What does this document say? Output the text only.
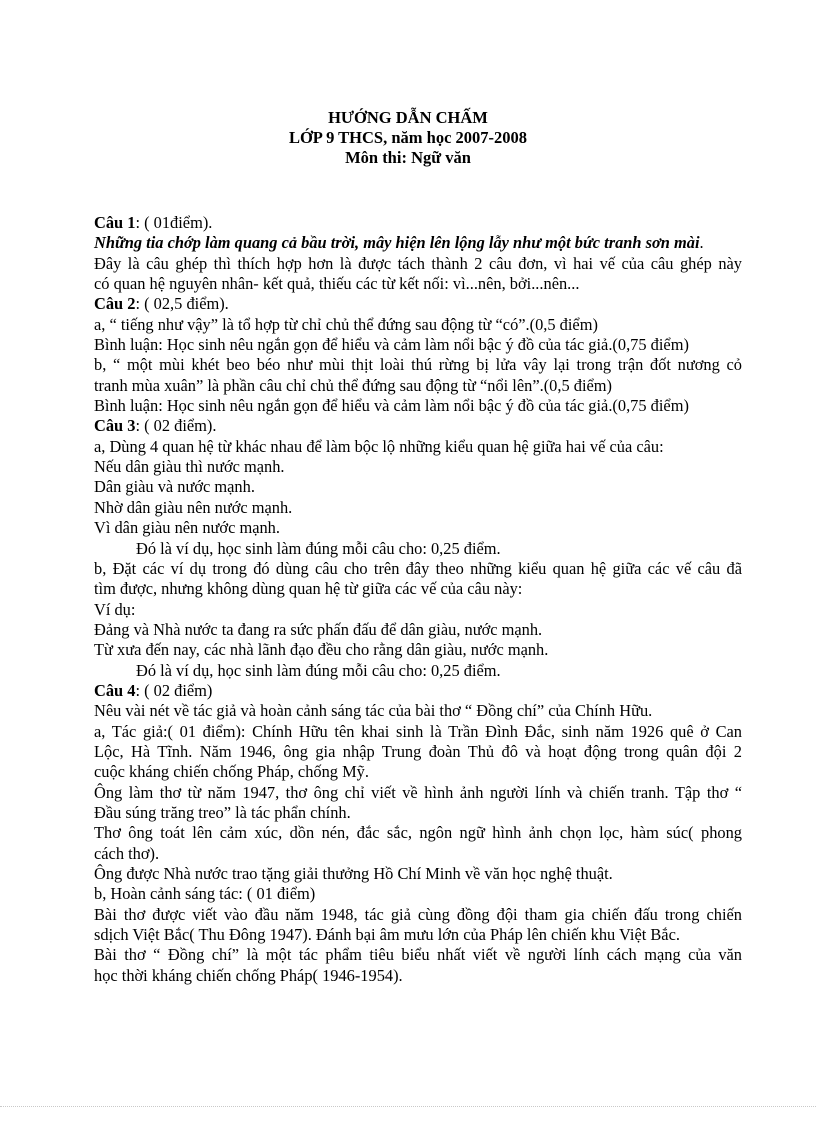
HƯỚNG DẪN CHẤM
LỚP 9 THCS, năm học 2007-2008
Môn thi: Ngữ văn
Câu 1: ( 01điểm).
Những tia chớp làm quang cả bầu trời, mây hiện lên lộng lẫy như một bức tranh sơn mài.
Đây là câu ghép thì thích hợp hơn là được tách thành 2 câu đơn, vì hai vế của câu ghép này
có quan hệ nguyên nhân- kết quả, thiếu các từ kết nối: vì...nên, bởi...nên...
Câu 2: ( 02,5 điểm).
a, “ tiếng như vậy” là tổ hợp từ chỉ chủ thể đứng sau động từ “có”.(0,5 điểm)
Bình luận: Học sinh nêu ngắn gọn để hiểu và cảm làm nổi bậc ý đồ của tác giả.(0,75 điểm)
b, “ một mùi khét beo béo như mùi thịt loài thú rừng bị lửa vây lại trong trận đốt nương cỏ
tranh mùa xuân” là phần câu chỉ chủ thể đứng sau động từ “nổi lên”.(0,5 điểm)
Bình luận: Học sinh nêu ngắn gọn để hiểu và cảm làm nổi bậc ý đồ của tác giả.(0,75 điểm)
Câu 3: ( 02 điểm).
a, Dùng 4 quan hệ từ khác nhau để làm bộc lộ những kiểu quan hệ giữa hai vế của câu:
Nếu dân giàu thì nước mạnh.
Dân giàu và nước mạnh.
Nhờ dân giàu nên nước mạnh.
Vì dân giàu nên nước mạnh.
Đó là ví dụ, học sinh làm đúng mỗi câu cho: 0,25 điểm.
b, Đặt các ví dụ trong đó dùng câu cho trên đây theo những kiểu quan hệ giữa các vế câu đã
tìm được, nhưng không dùng quan hệ từ giữa các vế của câu này:
Ví dụ:
Đảng và Nhà nước ta đang ra sức phấn đấu để dân giàu, nước mạnh.
Từ xưa đến nay, các nhà lãnh đạo đều cho rằng dân giàu, nước mạnh.
Đó là ví dụ, học sinh làm đúng mỗi câu cho: 0,25 điểm.
Câu 4: ( 02 điểm)
Nêu vài nét về tác giả và hoàn cảnh sáng tác của bài thơ “ Đồng chí” của Chính Hữu.
a, Tác giả:( 01 điểm): Chính Hữu tên khai sinh là Trần Đình Đắc, sinh năm 1926 quê ở Can
Lộc, Hà Tĩnh. Năm 1946, ông gia nhập Trung đoàn Thủ đô và hoạt động trong quân đội 2
cuộc kháng chiến chống Pháp, chống Mỹ.
Ông làm thơ từ năm 1947, thơ ông chỉ viết về hình ảnh người lính và chiến tranh. Tập thơ “
Đầu súng trăng treo” là tác phẩn chính.
Thơ ông toát lên cảm xúc, dồn nén, đắc sắc, ngôn ngữ hình ảnh chọn lọc, hàm súc( phong
cách thơ).
Ông được Nhà nước trao tặng giải thưởng Hồ Chí Minh về văn học nghệ thuật.
b, Hoàn cảnh sáng tác: ( 01 điểm)
Bài thơ được viết vào đầu năm 1948, tác giả cùng đồng đội tham gia chiến đấu trong chiến
sdịch Việt Bắc( Thu Đông 1947). Đánh bại âm mưu lớn của Pháp lên chiến khu Việt Bắc.
Bài thơ “ Đồng chí” là một tác phẩm tiêu biểu nhất viết về người lính cách mạng của văn
học thời kháng chiến chống Pháp( 1946-1954).
